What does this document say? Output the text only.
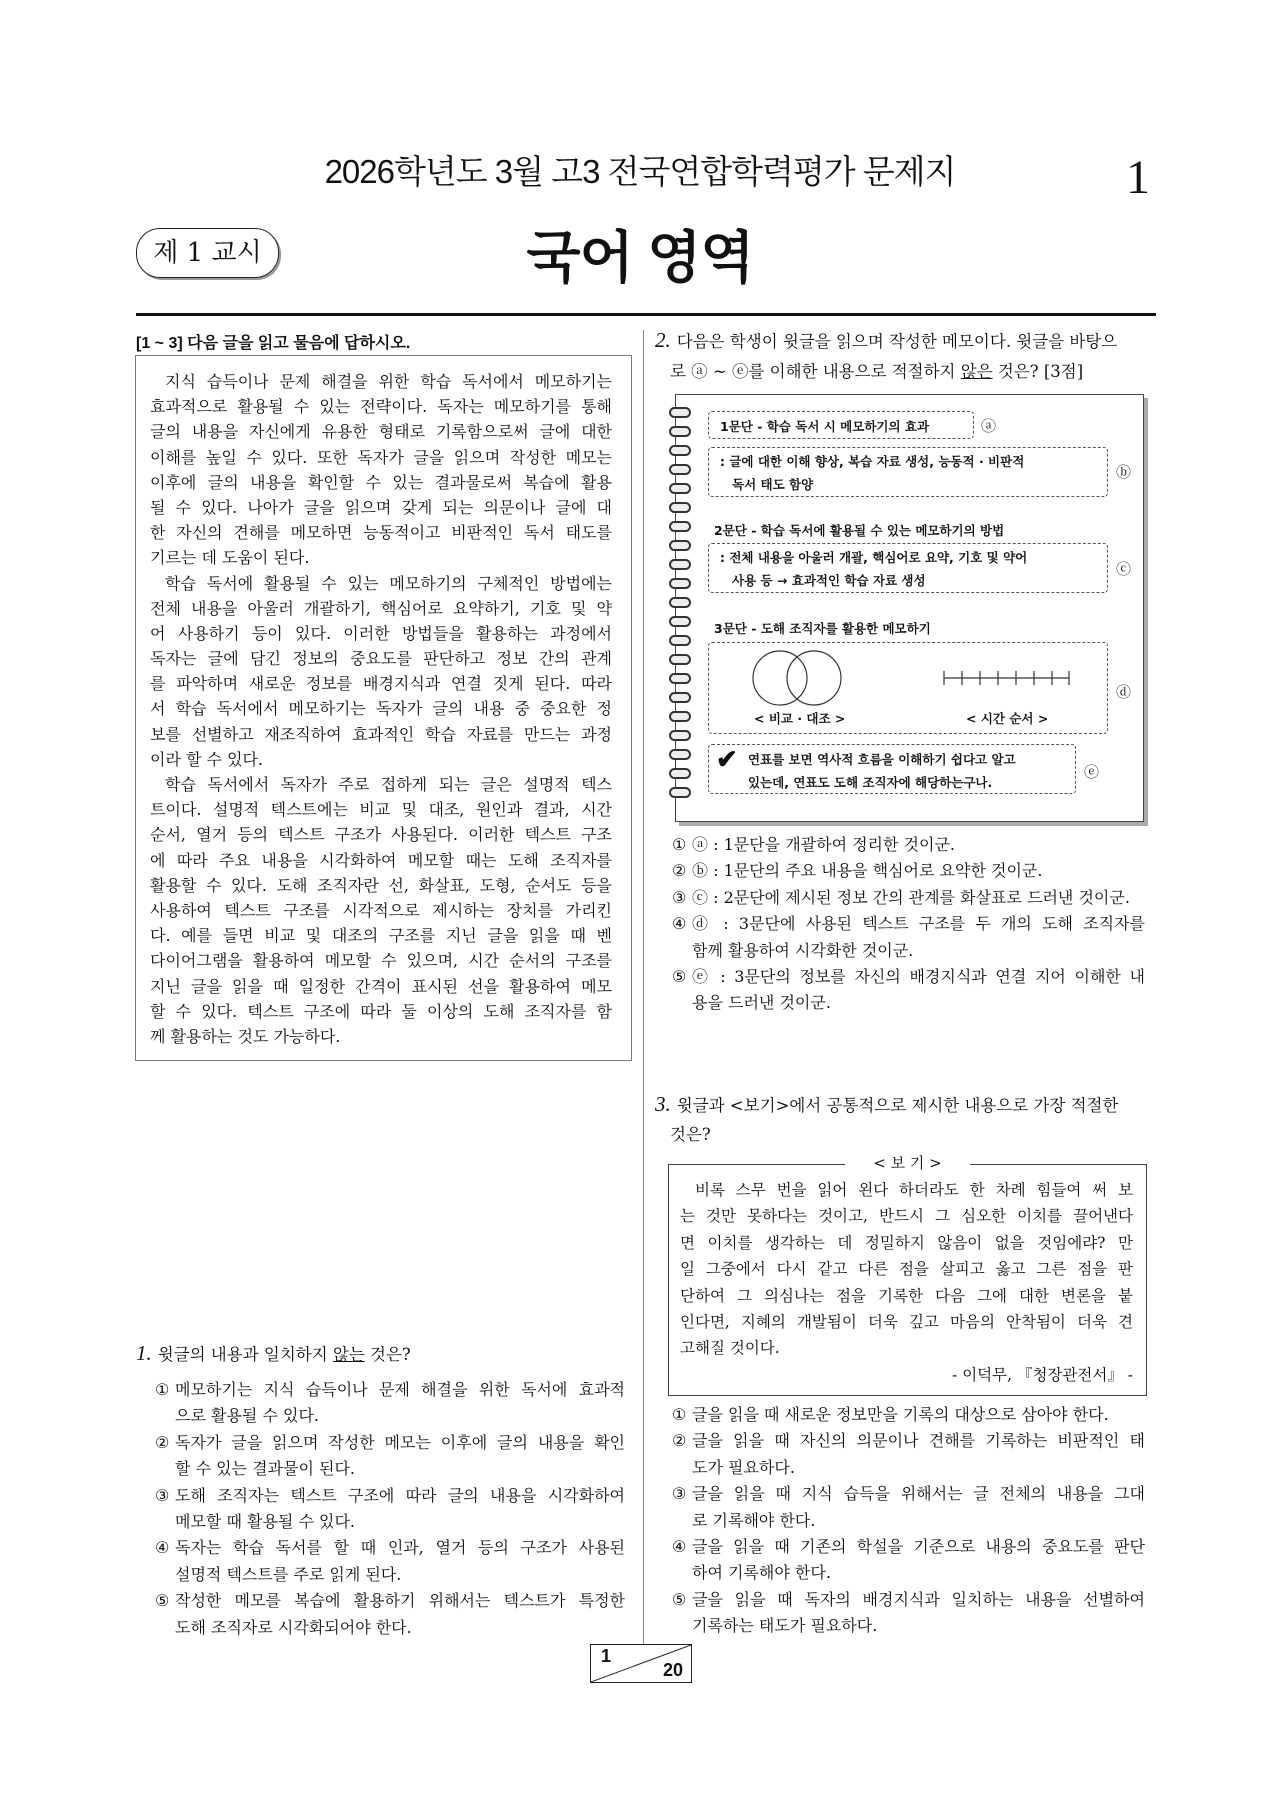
2026학년도 3월 고3 전국연합학력평가 문제지	1
제 1 교시	국어 영역
[1 ~ 3] 다음 글을 읽고 물음에 답하시오.
지식 습득이나 문제 해결을 위한 학습 독서에서 메모하기는
효과적으로 활용될 수 있는 전략이다. 독자는 메모하기를 통해
글의 내용을 자신에게 유용한 형태로 기록함으로써 글에 대한
이해를 높일 수 있다. 또한 독자가 글을 읽으며 작성한 메모는
이후에 글의 내용을 확인할 수 있는 결과물로써 복습에 활용
될 수 있다. 나아가 글을 읽으며 갖게 되는 의문이나 글에 대
한 자신의 견해를 메모하면 능동적이고 비판적인 독서 태도를
기르는 데 도움이 된다.
학습 독서에 활용될 수 있는 메모하기의 구체적인 방법에는
전체 내용을 아울러 개괄하기, 핵심어로 요약하기, 기호 및 약
어 사용하기 등이 있다. 이러한 방법들을 활용하는 과정에서
독자는 글에 담긴 정보의 중요도를 판단하고 정보 간의 관계
를 파악하며 새로운 정보를 배경지식과 연결 짓게 된다. 따라
서 학습 독서에서 메모하기는 독자가 글의 내용 중 중요한 정
보를 선별하고 재조직하여 효과적인 학습 자료를 만드는 과정
이라 할 수 있다.
학습 독서에서 독자가 주로 접하게 되는 글은 설명적 텍스
트이다. 설명적 텍스트에는 비교 및 대조, 원인과 결과, 시간
순서, 열거 등의 텍스트 구조가 사용된다. 이러한 텍스트 구조
에 따라 주요 내용을 시각화하여 메모할 때는 도해 조직자를
활용할 수 있다. 도해 조직자란 선, 화살표, 도형, 순서도 등을
사용하여 텍스트 구조를 시각적으로 제시하는 장치를 가리킨
다. 예를 들면 비교 및 대조의 구조를 지닌 글을 읽을 때 벤
다이어그램을 활용하여 메모할 수 있으며, 시간 순서의 구조를
지닌 글을 읽을 때 일정한 간격이 표시된 선을 활용하여 메모
할 수 있다. 텍스트 구조에 따라 둘 이상의 도해 조직자를 함
께 활용하는 것도 가능하다.
1. 윗글의 내용과 일치하지 않는 것은?
① 메모하기는 지식 습득이나 문제 해결을 위한 독서에 효과적
으로 활용될 수 있다.
② 독자가 글을 읽으며 작성한 메모는 이후에 글의 내용을 확인
할 수 있는 결과물이 된다.
③ 도해 조직자는 텍스트 구조에 따라 글의 내용을 시각화하여
메모할 때 활용될 수 있다.
④ 독자는 학습 독서를 할 때 인과, 열거 등의 구조가 사용된
설명적 텍스트를 주로 읽게 된다.
⑤ 작성한 메모를 복습에 활용하기 위해서는 텍스트가 특정한
도해 조직자로 시각화되어야 한다.
2. 다음은 학생이 윗글을 읽으며 작성한 메모이다. 윗글을 바탕으
로 ⓐ ~ ⓔ를 이해한 내용으로 적절하지 않은 것은? [3점]
1문단 - 학습 독서 시 메모하기의 효과	ⓐ
: 글에 대한 이해 향상, 복습 자료 생성, 능동적 · 비판적
독서 태도 함양
ⓑ
2문단 - 학습 독서에 활용될 수 있는 메모하기의 방법
: 전체 내용을 아울러 개괄, 핵심어로 요약, 기호 및 약어
사용 등 → 효과적인 학습 자료 생성
ⓒ
3문단 - 도해 조직자를 활용한 메모하기
< 비교 · 대조 >	< 시간 순서 >
ⓓ
✔ 연표를 보면 역사적 흐름을 이해하기 쉽다고 알고
있는데, 연표도 도해 조직자에 해당하는구나.
ⓔ
① ⓐ : 1문단을 개괄하여 정리한 것이군.
② ⓑ : 1문단의 주요 내용을 핵심어로 요약한 것이군.
③ ⓒ : 2문단에 제시된 정보 간의 관계를 화살표로 드러낸 것이군.
④ ⓓ : 3문단에 사용된 텍스트 구조를 두 개의 도해 조직자를
함께 활용하여 시각화한 것이군.
⑤ ⓔ : 3문단의 정보를 자신의 배경지식과 연결 지어 이해한 내
용을 드러낸 것이군.
3. 윗글과 <보기>에서 공통적으로 제시한 내용으로 가장 적절한
것은?
< 보 기 >
비록 스무 번을 읽어 왼다 하더라도 한 차례 힘들여 써 보
는 것만 못하다는 것이고, 반드시 그 심오한 이치를 끌어낸다
면 이치를 생각하는 데 정밀하지 않음이 없을 것임에랴? 만
일 그중에서 다시 같고 다른 점을 살피고 옳고 그른 점을 판
단하여 그 의심나는 점을 기록한 다음 그에 대한 변론을 붙
인다면, 지혜의 개발됨이 더욱 깊고 마음의 안착됨이 더욱 견
고해질 것이다.
- 이덕무, 『청장관전서』 -
① 글을 읽을 때 새로운 정보만을 기록의 대상으로 삼아야 한다.
② 글을 읽을 때 자신의 의문이나 견해를 기록하는 비판적인 태
도가 필요하다.
③ 글을 읽을 때 지식 습득을 위해서는 글 전체의 내용을 그대
로 기록해야 한다.
④ 글을 읽을 때 기존의 학설을 기준으로 내용의 중요도를 판단
하여 기록해야 한다.
⑤ 글을 읽을 때 독자의 배경지식과 일치하는 내용을 선별하여
기록하는 태도가 필요하다.
1
20
